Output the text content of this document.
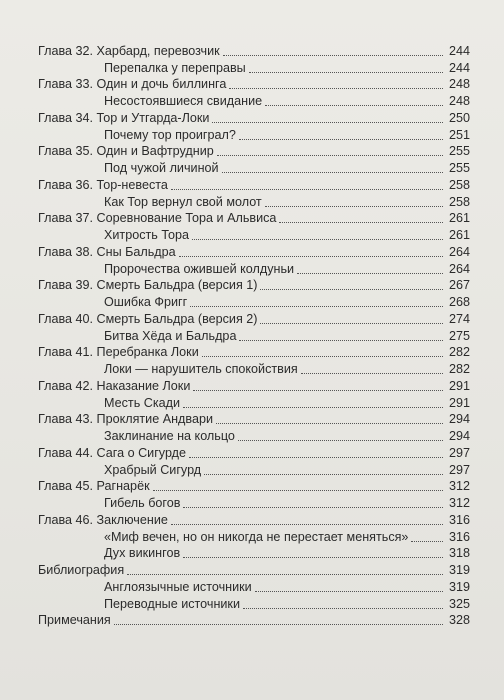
Глава 32. Харбард, перевозчик	244
Перепалка у переправы	244
Глава 33. Один и дочь биллинга	248
Несостоявшиеся свидание	248
Глава 34. Тор и Утгарда-Локи	250
Почему тор проиграл?	251
Глава 35. Один и Вафтруднир	255
Под чужой личиной	255
Глава 36. Тор-невеста	258
Как Тор вернул свой молот	258
Глава 37. Соревнование Тора и Альвиса	261
Хитрость Тора	261
Глава 38. Сны Бальдра	264
Пророчества ожившей колдуньи	264
Глава 39. Смерть Бальдра (версия 1)	267
Ошибка Фригг	268
Глава 40. Смерть Бальдра (версия 2)	274
Битва Хёда и Бальдра	275
Глава 41. Перебранка Локи	282
Локи — нарушитель спокойствия	282
Глава 42. Наказание Локи	291
Месть Скади	291
Глава 43. Проклятие Андвари	294
Заклинание на кольцо	294
Глава 44. Сага о Сигурде	297
Храбрый Сигурд	297
Глава 45. Рагнарёк	312
Гибель богов	312
Глава 46. Заключение	316
«Миф вечен, но он никогда не перестает меняться»	316
Дух викингов	318
Библиография	319
Англоязычные источники	319
Переводные источники	325
Примечания	328
